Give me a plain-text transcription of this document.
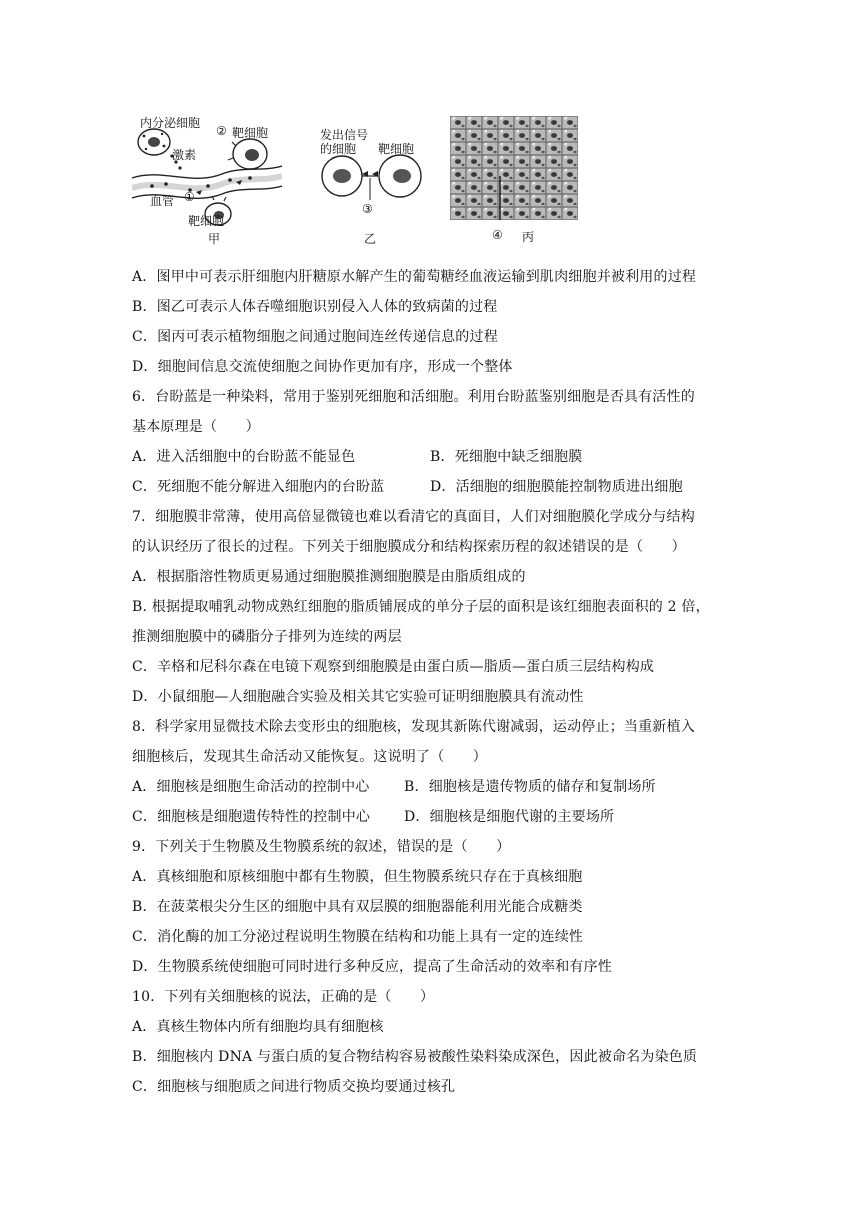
内分泌细胞
② 靶细胞
激素
血管 ①
靶细胞
甲
发出信号
的细胞 靶细胞
③
乙	④ 丙
A．图甲中可表示肝细胞内肝糖原水解产生的葡萄糖经血液运输到肌肉细胞并被利用的过程
B．图乙可表示人体吞噬细胞识别侵入人体的致病菌的过程
C．图丙可表示植物细胞之间通过胞间连丝传递信息的过程
D．细胞间信息交流使细胞之间协作更加有序，形成一个整体
6．台盼蓝是一种染料，常用于鉴别死细胞和活细胞。利用台盼蓝鉴别细胞是否具有活性的
基本原理是（　　）
A．进入活细胞中的台盼蓝不能显色	B．死细胞中缺乏细胞膜
C．死细胞不能分解进入细胞内的台盼蓝	D．活细胞的细胞膜能控制物质进出细胞
7．细胞膜非常薄，使用高倍显微镜也难以看清它的真面目，人们对细胞膜化学成分与结构
的认识经历了很长的过程。下列关于细胞膜成分和结构探索历程的叙述错误的是（　　）
A．根据脂溶性物质更易通过细胞膜推测细胞膜是由脂质组成的
B. 根据提取哺乳动物成熟红细胞的脂质铺展成的单分子层的面积是该红细胞表面积的 2 倍，
推测细胞膜中的磷脂分子排列为连续的两层
C．辛格和尼科尔森在电镜下观察到细胞膜是由蛋白质—脂质—蛋白质三层结构构成
D．小鼠细胞—人细胞融合实验及相关其它实验可证明细胞膜具有流动性
8．科学家用显微技术除去变形虫的细胞核，发现其新陈代谢减弱，运动停止；当重新植入
细胞核后，发现其生命活动又能恢复。这说明了（　　）
A．细胞核是细胞生命活动的控制中心	B．细胞核是遗传物质的储存和复制场所
C．细胞核是细胞遗传特性的控制中心	D．细胞核是细胞代谢的主要场所
9．下列关于生物膜及生物膜系统的叙述，错误的是（　　）
A．真核细胞和原核细胞中都有生物膜，但生物膜系统只存在于真核细胞
B．在菠菜根尖分生区的细胞中具有双层膜的细胞器能利用光能合成糖类
C．消化酶的加工分泌过程说明生物膜在结构和功能上具有一定的连续性
D．生物膜系统使细胞可同时进行多种反应，提高了生命活动的效率和有序性
10．下列有关细胞核的说法，正确的是（　　）
A．真核生物体内所有细胞均具有细胞核
B．细胞核内 DNA 与蛋白质的复合物结构容易被酸性染料染成深色，因此被命名为染色质
C．细胞核与细胞质之间进行物质交换均要通过核孔
